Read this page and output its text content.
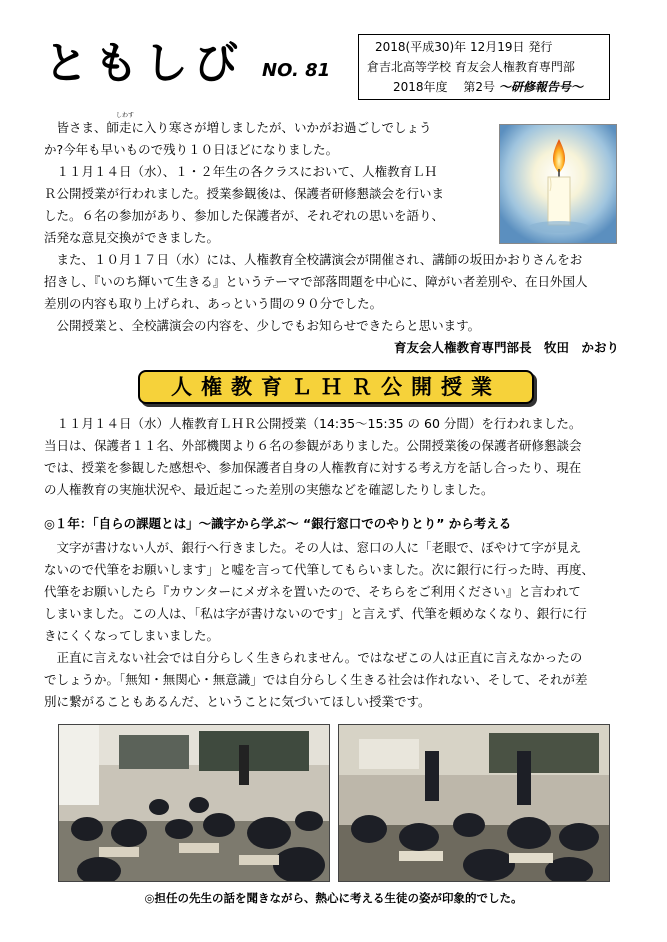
ともしび NO. 81
2018(平成30)年 12月19日 発行
倉吉北高等学校 育友会人権教育専門部
2018年度　 第2号 ～研修報告号～
しわす
　皆さま、師走に入り寒さが増しましたが、いかがお過ごしでしょう
か?今年も早いもので残り１０日ほどになりました。
　１１月１４日（水）、１・２年生の各クラスにおいて、人権教育ＬＨ
Ｒ公開授業が行われました。授業参観後は、保護者研修懇談会を行いま
した。６名の参加があり、参加した保護者が、それぞれの思いを語り、
活発な意見交換ができました。
　また、１０月１７日（水）には、人権教育全校講演会が開催され、講師の坂田かおりさんをお
招きし、『いのち輝いて生きる』というテーマで部落問題を中心に、障がい者差別や、在日外国人
差別の内容も取り上げられ、あっという間の９０分でした。
　公開授業と、全校講演会の内容を、少しでもお知らせできたらと思います。
育友会人権教育専門部長　牧田　かおり
人権教育ＬＨＲ公開授業
　１１月１４日（水）人権教育ＬＨＲ公開授業（14:35～15:35 の 60 分間）を行われました。
当日は、保護者１１名、外部機関より６名の参観がありました。公開授業後の保護者研修懇談会
では、授業を参観した感想や、参加保護者自身の人権教育に対する考え方を話し合ったり、現在
の人権教育の実施状況や、最近起こった差別の実態などを確認したりしました。
◎１年：「自らの課題とは」～識字から学ぶ～ “銀行窓口でのやりとり” から考える
　文字が書けない人が、銀行へ行きました。その人は、窓口の人に「老眼で、ぼやけて字が見え
ないので代筆をお願いします」と嘘を言って代筆してもらいました。次に銀行に行った時、再度、
代筆をお願いしたら『カウンターにメガネを置いたので、そちらをご利用ください』と言われて
しまいました。この人は、「私は字が書けないのです」と言えず、代筆を頼めなくなり、銀行に行
きにくくなってしまいました。
　正直に言えない社会では自分らしく生きられません。ではなぜこの人は正直に言えなかったの
でしょうか。「無知・無関心・無意識」では自分らしく生きる社会は作れない、そして、それが差
別に繋がることもあるんだ、ということに気づいてほしい授業です。
◎担任の先生の話を聞きながら、熱心に考える生徒の姿が印象的でした。
